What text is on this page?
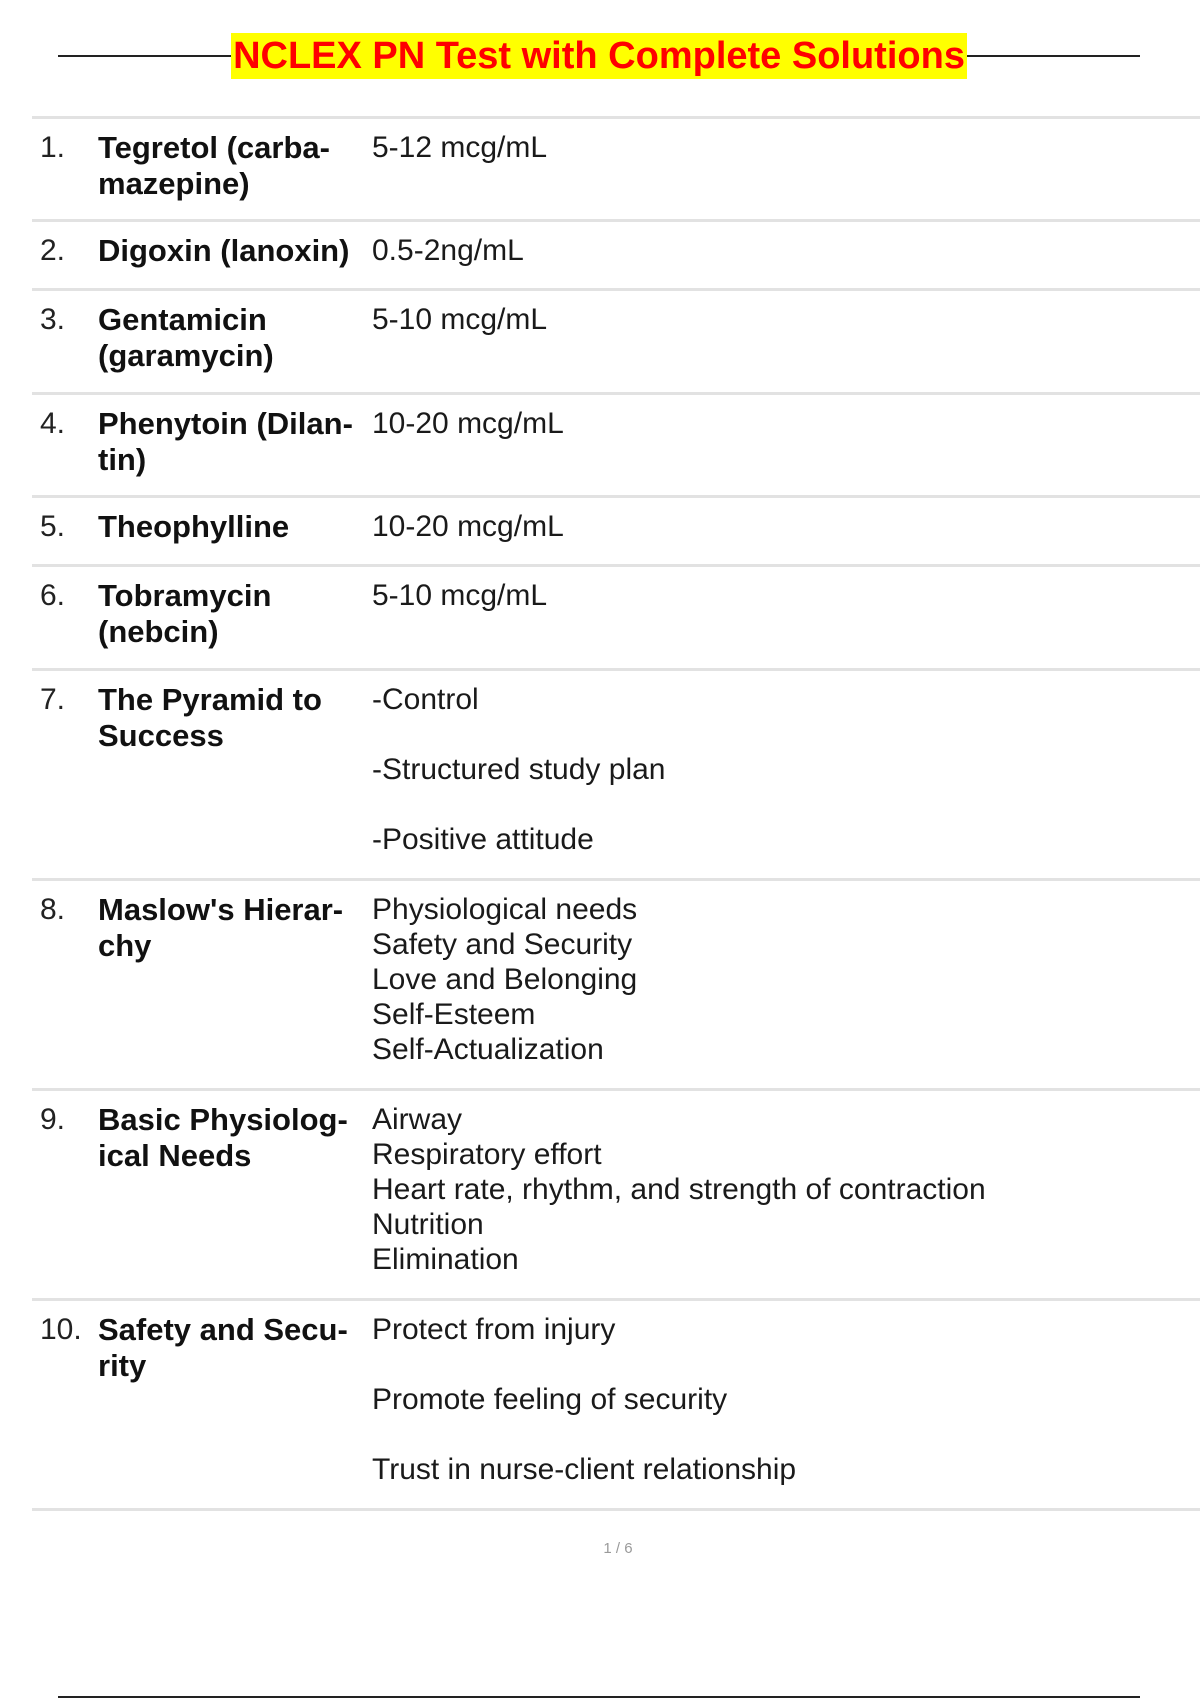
NCLEX PN Test with Complete Solutions
1. Tegretol (carba-
mazepine)
5-12 mcg/mL
2. Digoxin (lanoxin) 0.5-2ng/mL
3. Gentamicin
(garamycin)
5-10 mcg/mL
4. Phenytoin (Dilan-
tin)
10-20 mcg/mL
5. Theophylline	10-20 mcg/mL
6. Tobramycin
(nebcin)
5-10 mcg/mL
7. The Pyramid to
Success
-Control
-Structured study plan
-Positive attitude
8. Maslow's Hierar-
chy
Physiological needs
Safety and Security
Love and Belonging
Self-Esteem
Self-Actualization
9. Basic Physiolog-
ical Needs
Airway
Respiratory effort
Heart rate, rhythm, and strength of contraction
Nutrition
Elimination
10. Safety and Secu-
rity
Protect from injury
Promote feeling of security
Trust in nurse-client relationship
1 / 6
